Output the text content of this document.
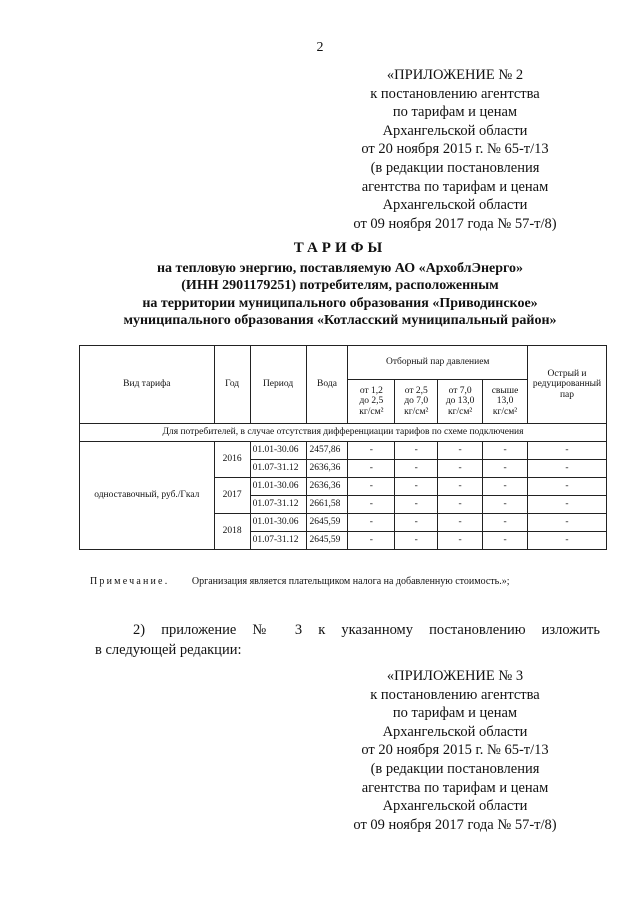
2
«ПРИЛОЖЕНИЕ № 2
к постановлению агентства
по тарифам и ценам
Архангельской области
от 20 ноября 2015 г. № 65-т/13
(в редакции постановления
агентства по тарифам и ценам
Архангельской области
от 09 ноября 2017 года № 57-т/8)
ТАРИФЫ
на тепловую энергию, поставляемую АО «АрхоблЭнерго»
(ИНН 2901179251) потребителям, расположенным
на территории муниципального образования «Приводинское»
муниципального образования «Котласский муниципальный район»
Вид тарифа	Год	Период	Вода	Отборный пар давлением				Острый и
редуцированный
пар
				от 1,2
до 2,5
кг/см²	от 2,5
до 7,0
кг/см²	от 7,0
до 13,0
кг/см²	свыше
13,0
кг/см²	
Для потребителей, в случае отсутствия дифференциации тарифов по схеме подключения								
одноставочный, руб./Гкал	2016	01.01-30.06	2457,86	-	-	-	-	-
		01.07-31.12	2636,36	-	-	-	-	-
	2017	01.01-30.06	2636,36	-	-	-	-	-
		01.07-31.12	2661,58	-	-	-	-	-
	2018	01.01-30.06	2645,59	-	-	-	-	-
		01.07-31.12	2645,59	-	-	-	-	-
Примечание. Организация является плательщиком налога на добавленную стоимость.»;
2) приложение № 3 к указанному постановлению изложить
в следующей редакции:
«ПРИЛОЖЕНИЕ № 3
к постановлению агентства
по тарифам и ценам
Архангельской области
от 20 ноября 2015 г. № 65-т/13
(в редакции постановления
агентства по тарифам и ценам
Архангельской области
от 09 ноября 2017 года № 57-т/8)
